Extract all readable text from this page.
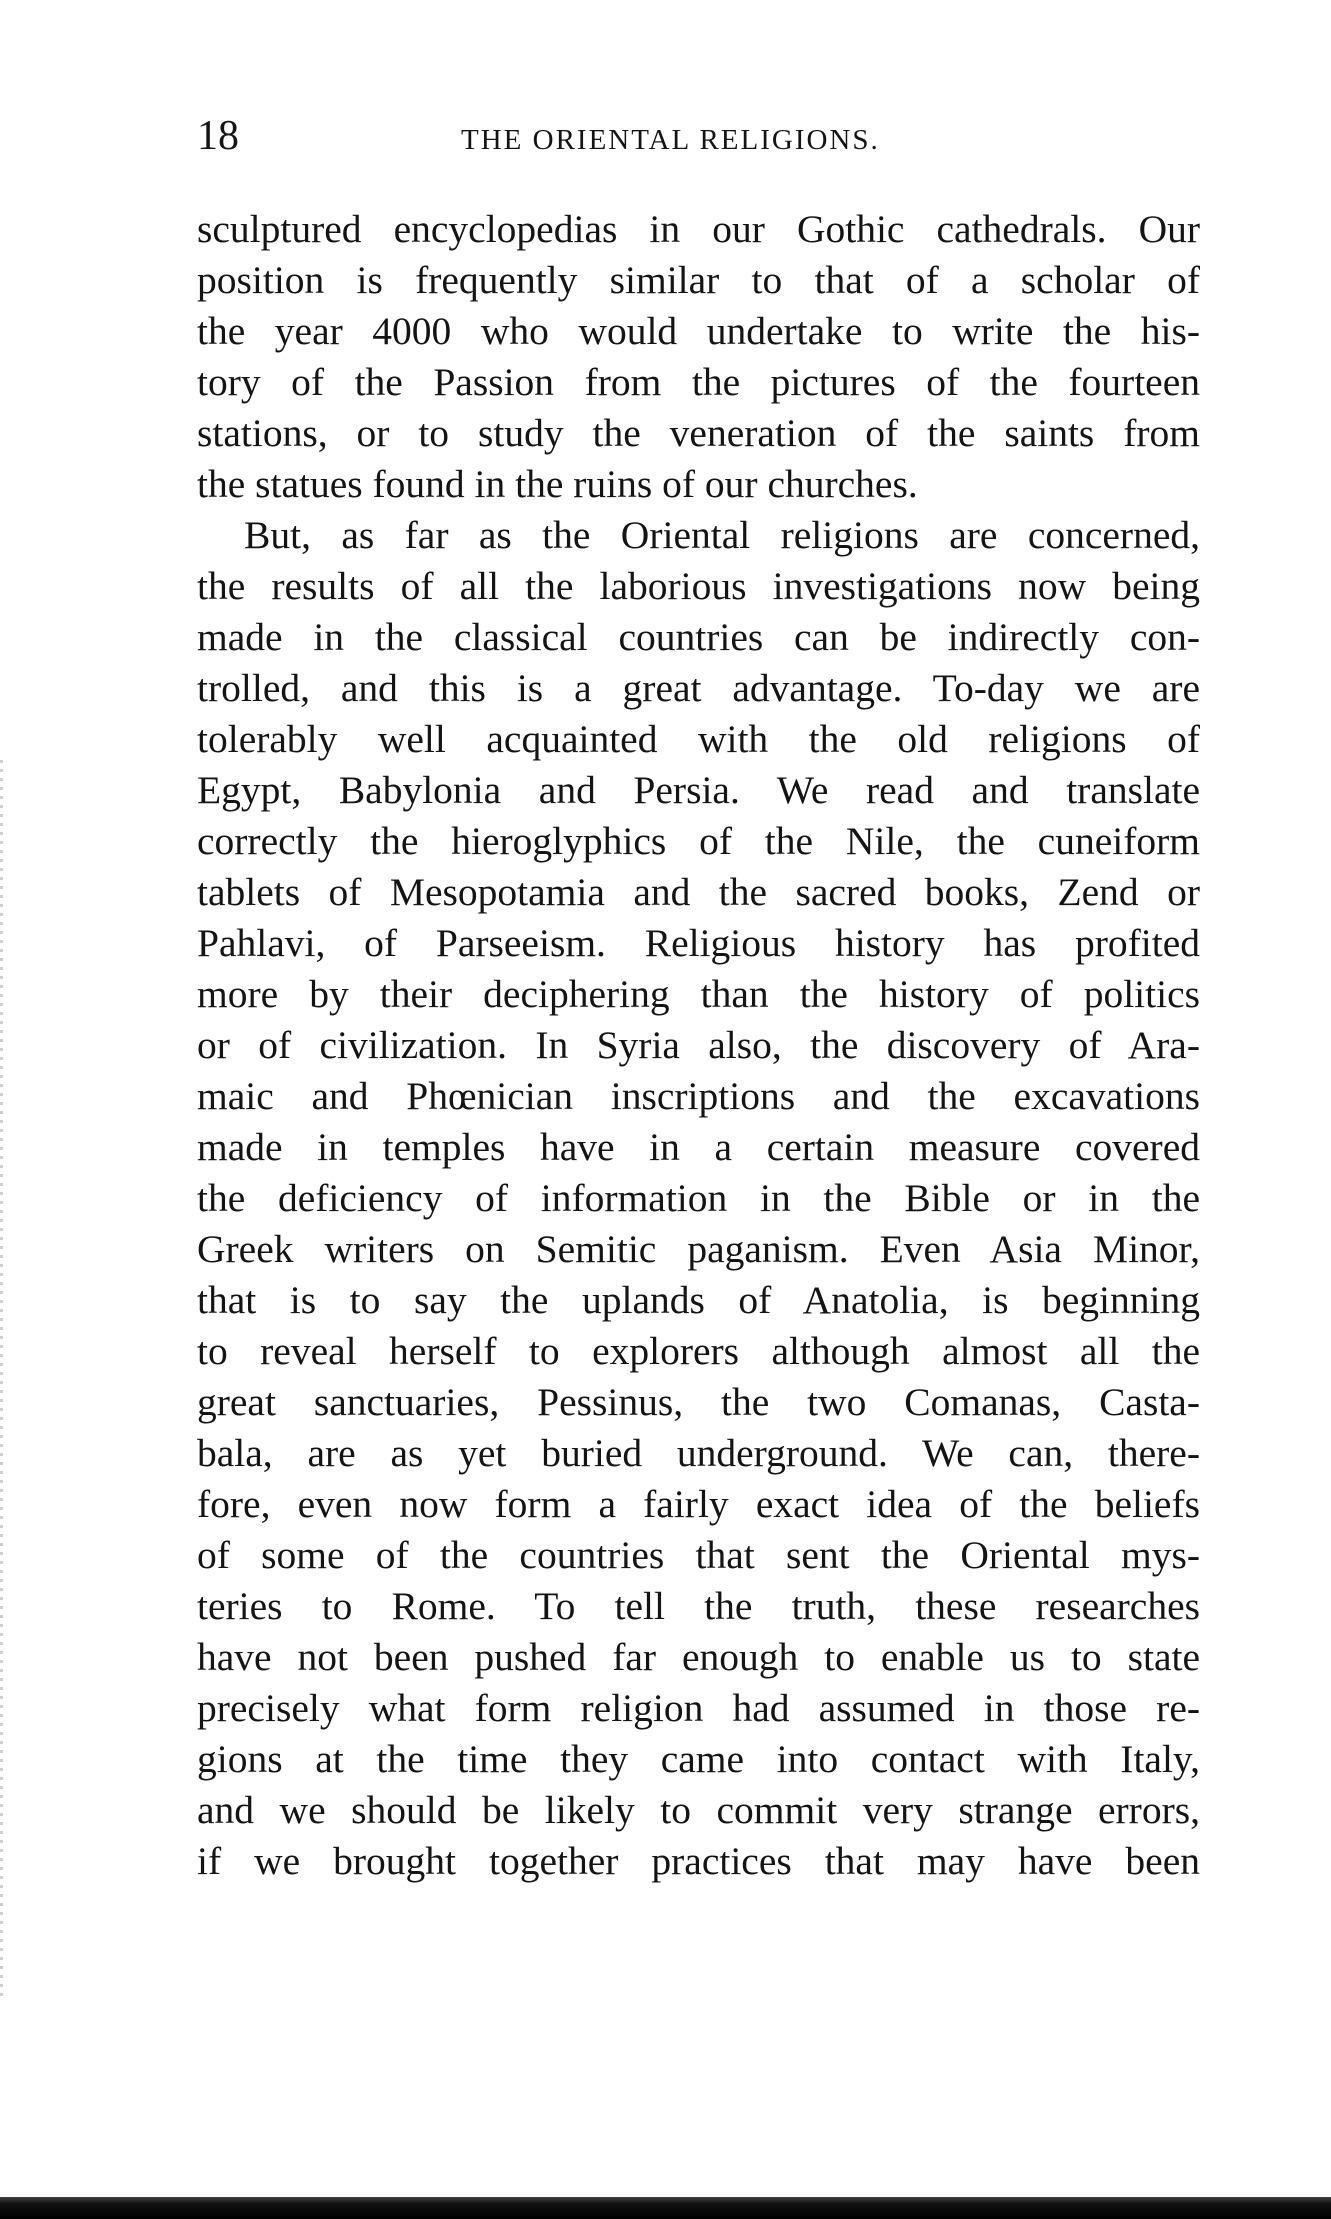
18	THE ORIENTAL RELIGIONS.
sculptured encyclopedias in our Gothic cathedrals. Our
position is frequently similar to that of a scholar of
the year 4000 who would undertake to write the his-
tory of the Passion from the pictures of the fourteen
stations, or to study the veneration of the saints from
the statues found in the ruins of our churches.
But, as far as the Oriental religions are concerned,
the results of all the laborious investigations now being
made in the classical countries can be indirectly con-
trolled, and this is a great advantage. To-day we are
tolerably well acquainted with the old religions of
Egypt, Babylonia and Persia. We read and translate
correctly the hieroglyphics of the Nile, the cuneiform
tablets of Mesopotamia and the sacred books, Zend or
Pahlavi, of Parseeism. Religious history has profited
more by their deciphering than the history of politics
or of civilization. In Syria also, the discovery of Ara-
maic and Phœnician inscriptions and the excavations
made in temples have in a certain measure covered
the deficiency of information in the Bible or in the
Greek writers on Semitic paganism. Even Asia Minor,
that is to say the uplands of Anatolia, is beginning
to reveal herself to explorers although almost all the
great sanctuaries, Pessinus, the two Comanas, Casta-
bala, are as yet buried underground. We can, there-
fore, even now form a fairly exact idea of the beliefs
of some of the countries that sent the Oriental mys-
teries to Rome. To tell the truth, these researches
have not been pushed far enough to enable us to state
precisely what form religion had assumed in those re-
gions at the time they came into contact with Italy,
and we should be likely to commit very strange errors,
if we brought together practices that may have been
